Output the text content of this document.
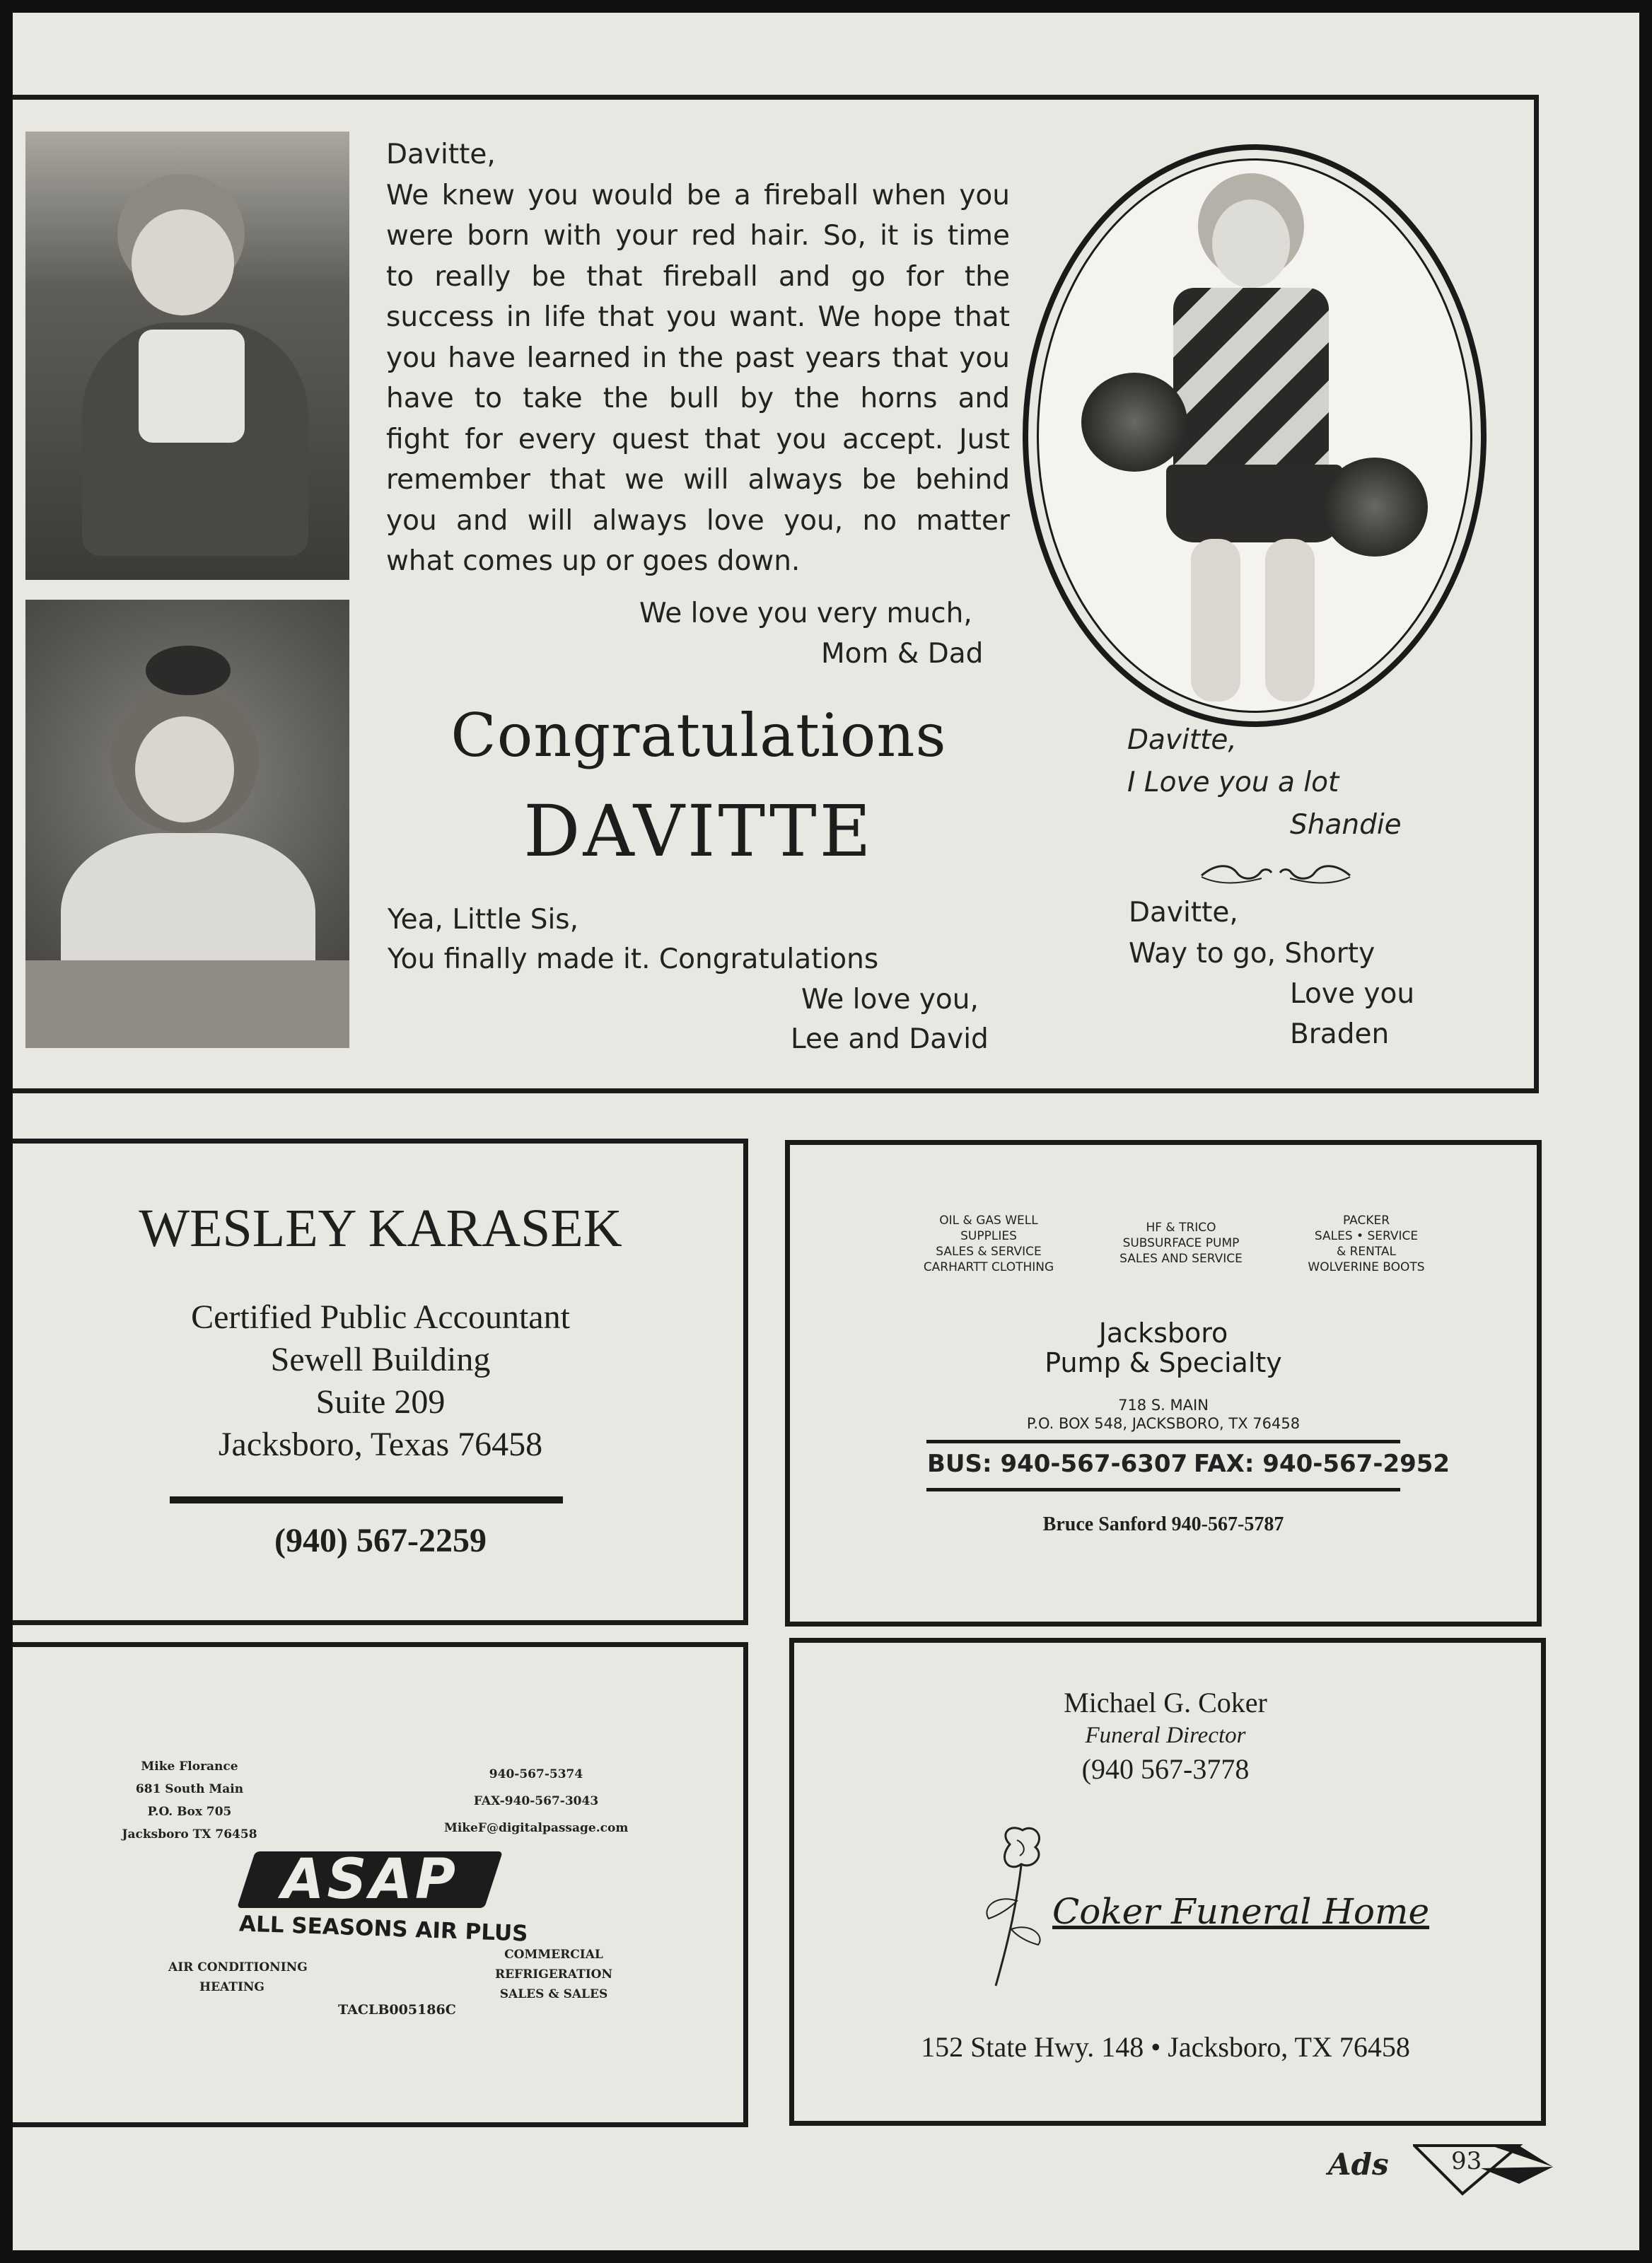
Davitte,

We knew you would be a fireball when you

were born with your red hair. So, it is time

to really be that fireball and go for the

success in life that you want. We hope that

you have learned in the past years that you

have to take the bull by the horns and

fight for every quest that you accept. Just

remember that we will always be behind

you and will always love you, no matter

what comes up or goes down.

We love you very much,
Mom & Dad
Congratulations
DAVITTE
Yea, Little Sis,
You finally made it. Congratulations
We love you,
Lee and David
Davitte,
I Love you a lot
Shandie
Davitte,
Way to go, Shorty
Love you
Braden
WESLEY KARASEK
Certified Public Accountant
Sewell Building
Suite 209
Jacksboro, Texas 76458
(940) 567-2259
OIL & GAS WELL
SUPPLIES
SALES & SERVICE
CARHARTT CLOTHING
HF & TRICO
SUBSURFACE PUMP
SALES AND SERVICE
PACKER
SALES • SERVICE
& RENTAL
WOLVERINE BOOTS
Jacksboro
Pump & Specialty
718 S. MAIN
P.O. BOX 548, JACKSBORO, TX 76458
BUS: 940-567-6307 FAX: 940-567-2952
Bruce Sanford 940-567-5787
Mike Florance
681 South Main
P.O. Box 705
Jacksboro TX 76458
940-567-5374
FAX-940-567-3043
MikeF@digitalpassage.com
ASAP
ALL SEASONS AIR PLUS
AIR CONDITIONING
HEATING
COMMERCIAL
REFRIGERATION
SALES & SALES
TACLB005186C
Michael G. Coker
Funeral Director
(940 567-3778
Coker Funeral Home
152 State Hwy. 148 • Jacksboro, TX 76458
Ads	93
